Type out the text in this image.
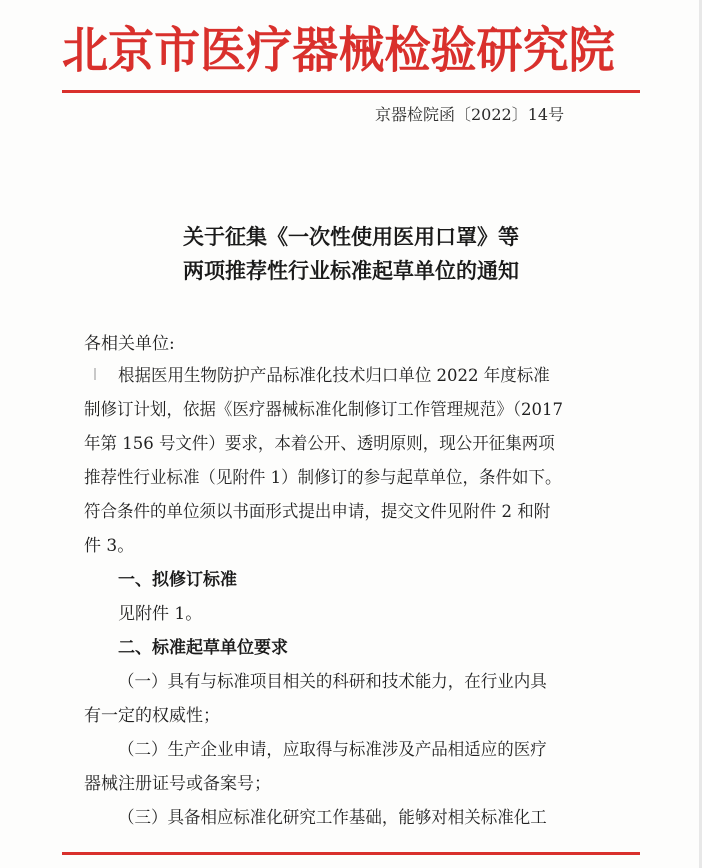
北京市医疗器械检验研究院
京器检院函〔2022〕14号
关于征集《一次性使用医用口罩》等
两项推荐性行业标准起草单位的通知
各相关单位:
根据医用生物防护产品标准化技术归口单位 2022 年度标准
制修订计划，依据《医疗器械标准化制修订工作管理规范》（2017
年第 156 号文件）要求，本着公开、透明原则，现公开征集两项
推荐性行业标准（见附件 1）制修订的参与起草单位，条件如下。
符合条件的单位须以书面形式提出申请，提交文件见附件 2 和附
件 3。
一、拟修订标准
见附件 1。
二、标准起草单位要求
（一）具有与标准项目相关的科研和技术能力，在行业内具
有一定的权威性；
（二）生产企业申请，应取得与标准涉及产品相适应的医疗
器械注册证号或备案号；
（三）具备相应标准化研究工作基础，能够对相关标准化工
